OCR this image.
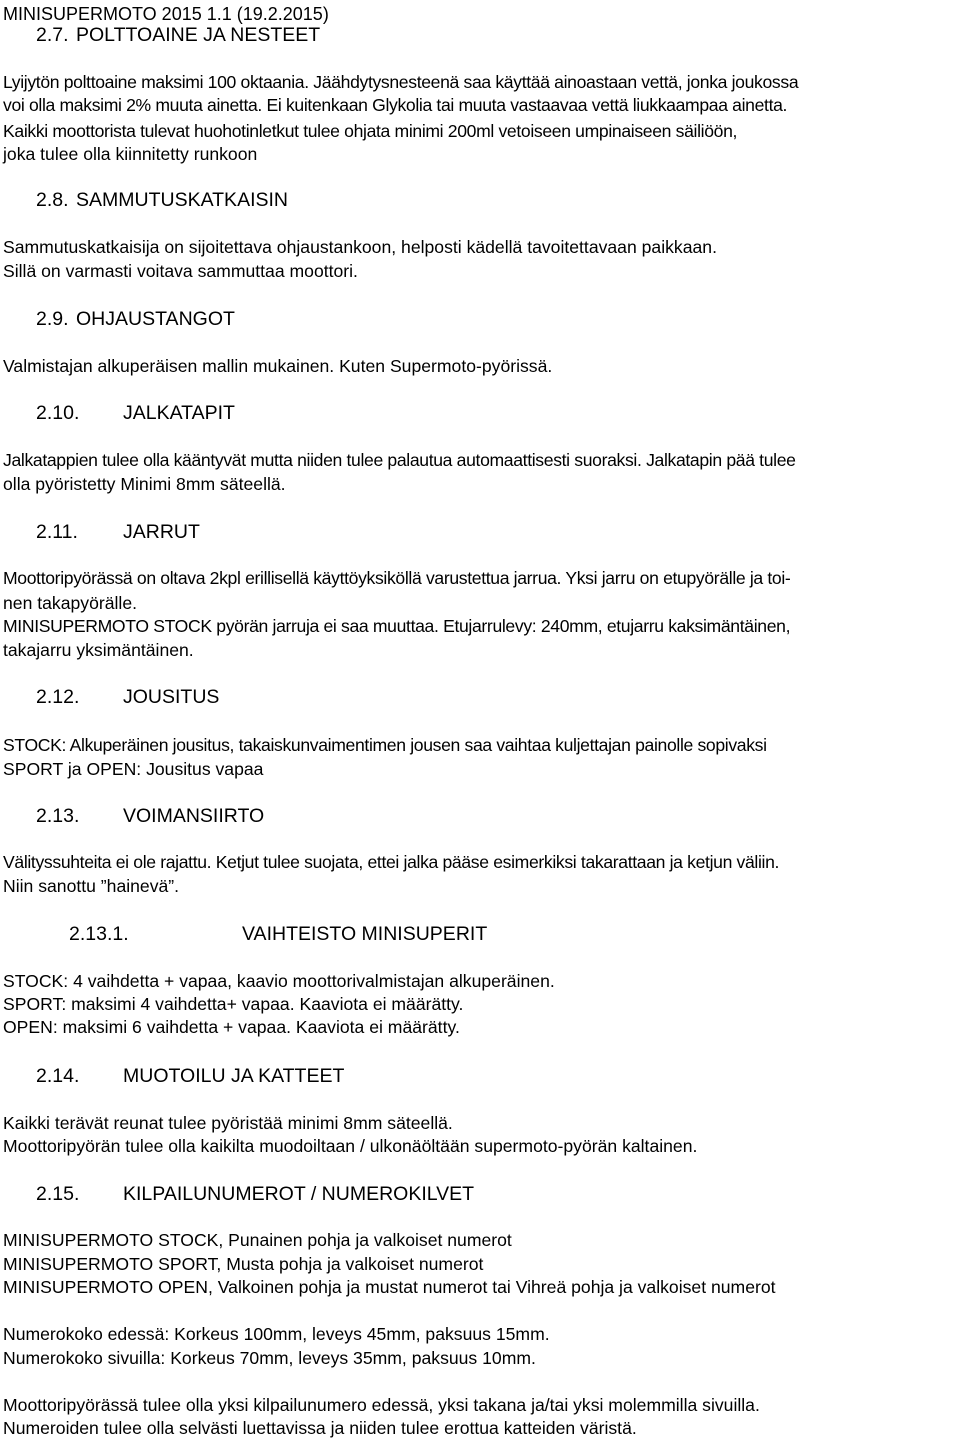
MINISUPERMOTO 2015 1.1 (19.2.2015)
2.7. POLTTOAINE JA NESTEET
Lyijytön polttoaine maksimi 100 oktaania. Jäähdytysnesteenä saa käyttää ainoastaan vettä, jonka joukossa
voi olla maksimi 2% muuta ainetta. Ei kuitenkaan Glykolia tai muuta vastaavaa vettä liukkaampaa ainetta.
Kaikki moottorista tulevat huohotinletkut tulee ohjata minimi 200ml vetoiseen umpinaiseen säiliöön,
joka tulee olla kiinnitetty runkoon
2.8. SAMMUTUSKATKAISIN
Sammutuskatkaisija on sijoitettava ohjaustankoon, helposti kädellä tavoitettavaan paikkaan.
Sillä on varmasti voitava sammuttaa moottori.
2.9. OHJAUSTANGOT
Valmistajan alkuperäisen mallin mukainen. Kuten Supermoto-pyörissä.
2.10. JALKATAPIT
Jalkatappien tulee olla kääntyvät mutta niiden tulee palautua automaattisesti suoraksi. Jalkatapin pää tulee
olla pyöristetty Minimi 8mm säteellä.
2.11. JARRUT
Moottoripyörässä on oltava 2kpl erillisellä käyttöyksiköllä varustettua jarrua. Yksi jarru on etupyörälle ja toi-
nen takapyörälle.
MINISUPERMOTO STOCK pyörän jarruja ei saa muuttaa. Etujarrulevy: 240mm, etujarru kaksimäntäinen,
takajarru yksimäntäinen.
2.12. JOUSITUS
STOCK: Alkuperäinen jousitus, takaiskunvaimentimen jousen saa vaihtaa kuljettajan painolle sopivaksi
SPORT ja OPEN: Jousitus vapaa
2.13. VOIMANSIIRTO
Välityssuhteita ei ole rajattu. Ketjut tulee suojata, ettei jalka pääse esimerkiksi takarattaan ja ketjun väliin.
Niin sanottu ”hainevä”.
2.13.1.	VAIHTEISTO MINISUPERIT
STOCK: 4 vaihdetta + vapaa, kaavio moottorivalmistajan alkuperäinen.
SPORT: maksimi 4 vaihdetta+ vapaa. Kaaviota ei määrätty.
OPEN: maksimi 6 vaihdetta + vapaa. Kaaviota ei määrätty.
2.14. MUOTOILU JA KATTEET
Kaikki terävät reunat tulee pyöristää minimi 8mm säteellä.
Moottoripyörän tulee olla kaikilta muodoiltaan / ulkonäöltään supermoto-pyörän kaltainen.
2.15. KILPAILUNUMEROT / NUMEROKILVET
MINISUPERMOTO STOCK, Punainen pohja ja valkoiset numerot
MINISUPERMOTO SPORT, Musta pohja ja valkoiset numerot
MINISUPERMOTO OPEN, Valkoinen pohja ja mustat numerot tai Vihreä pohja ja valkoiset numerot
Numerokoko edessä: Korkeus 100mm, leveys 45mm, paksuus 15mm.
Numerokoko sivuilla: Korkeus 70mm, leveys 35mm, paksuus 10mm.
Moottoripyörässä tulee olla yksi kilpailunumero edessä, yksi takana ja/tai yksi molemmilla sivuilla.
Numeroiden tulee olla selvästi luettavissa ja niiden tulee erottua katteiden väristä.
